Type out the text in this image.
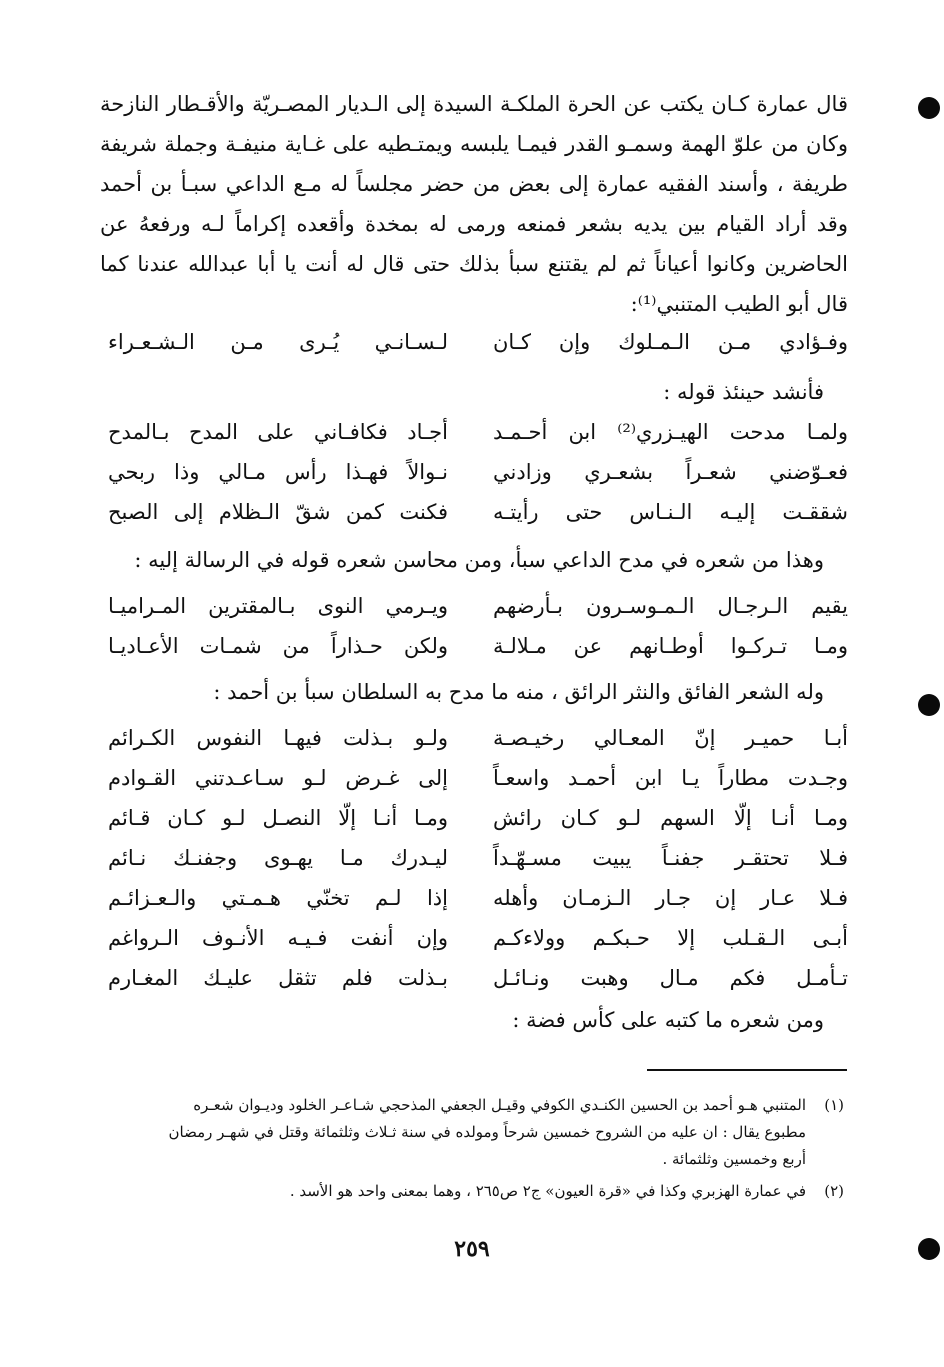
قال عمارة كـان يكتب عن الحرة الملكـة السيدة إلى الـديار المصـريّة والأقـطار النازحة وكان من علوّ الهمة وسمـو القدر فيمـا يلبسه ويمتـطيه على غـاية منيفـة وجملة شريفة طريفة ، وأسند الفقيه عمارة إلى بعض من حضر مجلساً له مـع الداعي سبـأ بن أحمد وقد أراد القيام بين يديه بشعر فمنعه ورمى له بمخدة وأقعده إكراماً لـه ورفعهُ عن الحاضرين وكانوا أعياناً ثم لم يقتنع سبأ بذلك حتى قال له أنت يا أبا عبدالله عندنا كما قال أبو الطيب المتنبي⁽¹⁾:

وفـؤادي مـن الـمـلوك وإن كـان
لـسـانـي يُـرى مـن الـشـعـراء
فأنشد حينئذ قوله :
ولمـا مدحت الهيـزري⁽²⁾ ابن أحـمـد
أجـاد فكافـاني على المدح بـالمدح
فعـوّضني شعـراً بشعـري وزادني
نـوالاً فهـذا رأس مـالي وذا ربحي
شققـت إليـه الـنـاس حتى رأيتـه
فكنت كمن شقّ الـظلام إلى الصبح
وهذا من شعره في مدح الداعي سبأ، ومن محاسن شعره قوله في الرسالة إليه :
يقيم الـرجـال الـمـوسـرون بـأرضهم
ويـرمي النوى بـالمقترين المـراميـا
ومـا تـركـوا أوطـانهم عن مـلالـة
ولكن حـذاراً من شمـات الأعـاديـا
وله الشعر الفائق والنثر الرائق ، منه ما مدح به السلطان سبأ بن أحمد :
أبـا حميـر إنّ المعـالي رخيـصـة
ولـو بـذلت فيهـا النفوس الكـرائم
وجـدت مطاراً يـا ابن أحمـد واسعـاً
إلى غـرض لـو سـاعـدتني القـوادم
ومـا أنـا إلّا السهم لـو كـان رائش
ومـا أنـا إلّا النصـل لـو كـان قـائم
فـلا تحتقـر جفنـاً يبيت مسـهّـداً
ليـدرك مـا يهـوى وجفنـك نـائم
فـلا عـار إن جـار الـزمـان وأهله
إذا لـم تخنّي هـمـتي والـعـزائـم
أبـى الـقـلب إلا حـبكـم وولاءكـم
وإن أنفت فـيـه الأنـوف الـرواغم
تـأمـل فكم مـال وهبت ونـائـل
بـذلت فلم تثقل عليـك المغـارم
ومن شعره ما كتبه على كأس فضة :
(١)المتنبي هـو أحمد بن الحسين الكنـدي الكوفي وقيـل الجعفي المذحجي شـاعـر الخلود وديـوان شعـره
مطبوع يقال : ان عليه من الشروح خمسين شرحاً ومولده في سنة ثـلاث وثلثمائة وقتل في شهـر رمضان
أربع وخمسين وثلثمائة .
(٢)في عمارة الهزبري وكذا في «قرة العيون» ج٢ ص٢٦٥ ، وهما بمعنى واحد هو الأسد .
٢٥٩
